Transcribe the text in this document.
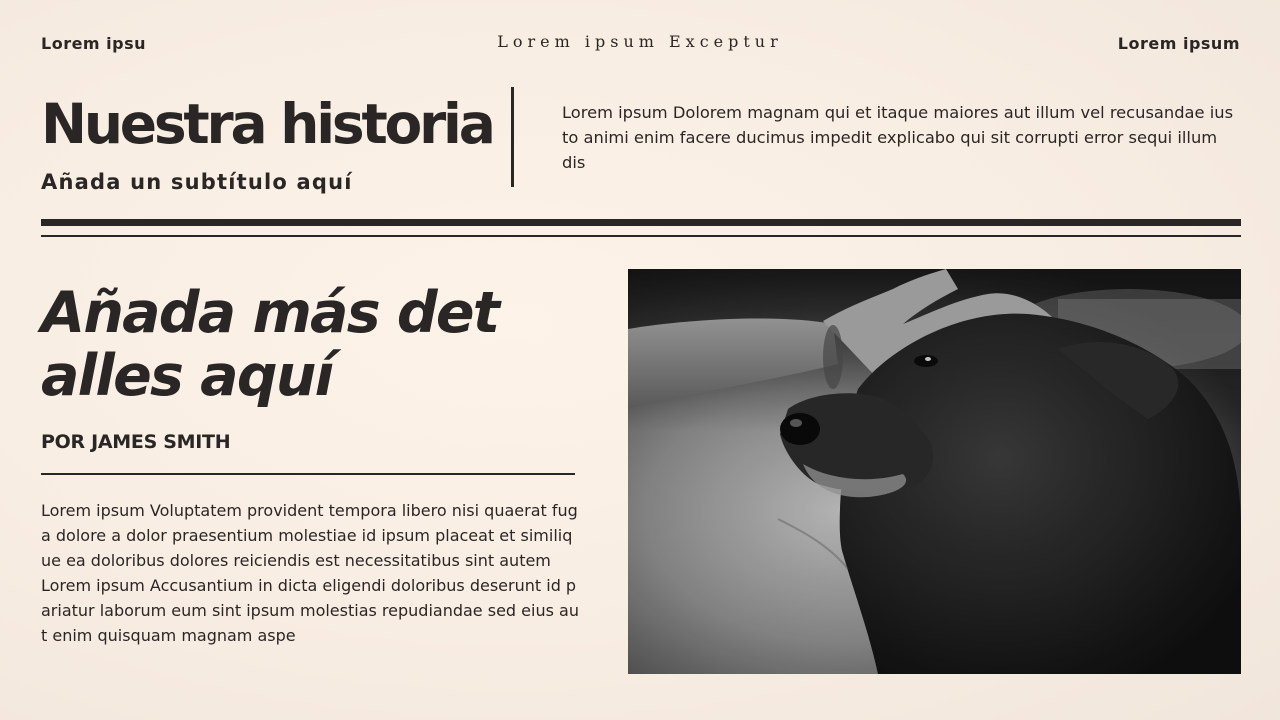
Lorem ipsu	Lorem ipsum Exceptur	Lorem ipsum
Nuestra historia
Añada un subtítulo aquí
Lorem ipsum Dolorem magnam qui et itaque maiores aut illum vel recusandae ius to animi enim facere ducimus impedit explicabo qui sit corrupti error sequi illum dis
Añada más det alles aquí
POR JAMES SMITH

Lorem ipsum Voluptatem provident tempora libero nisi quaerat fuga dolore a dolor praesentium molestiae id ipsum placeat et similique ea doloribus dolores reiciendis est necessitatibus sint autem

Lorem ipsum Accusantium in dicta eligendi doloribus deserunt id pariatur laborum eum sint ipsum molestias repudiandae sed eius aut enim quisquam magnam aspe
